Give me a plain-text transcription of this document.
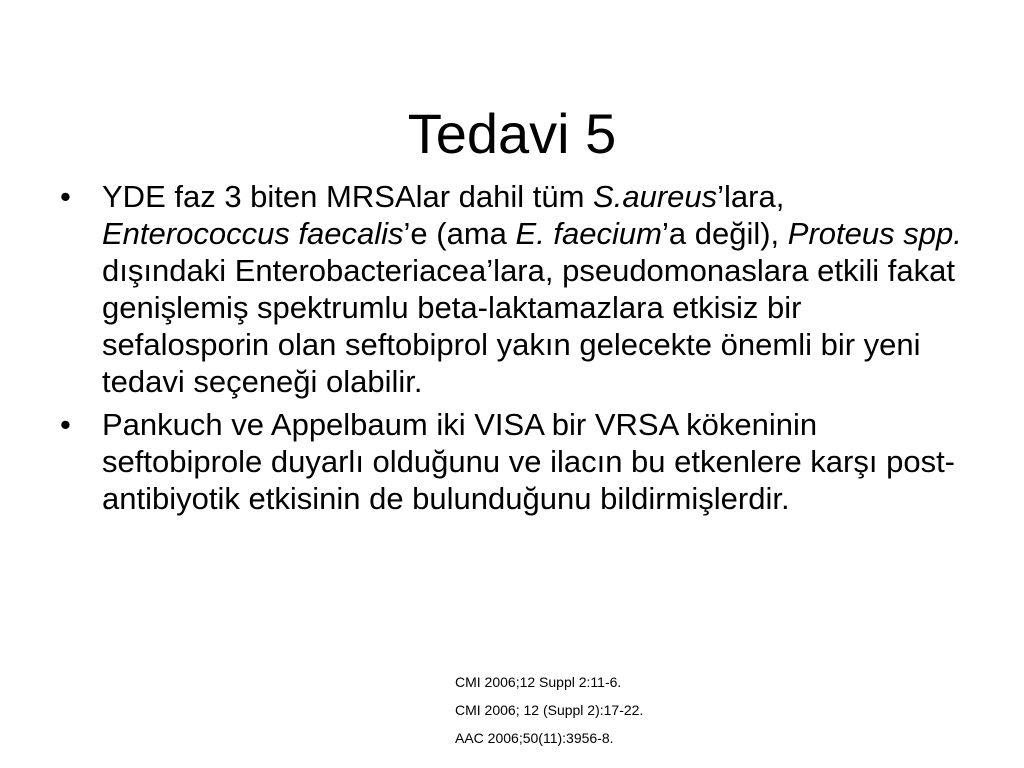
Tedavi 5
• YDE faz 3 biten MRSAlar dahil tüm S.aureus’lara, Enterococcus faecalis’e (ama E. faecium’a değil), Proteus spp. dışındaki Enterobacteriacea’lara, pseudomonaslara etkili fakat genişlemiş spektrumlu beta-laktamazlara etkisiz bir sefalosporin olan seftobiprol yakın gelecekte önemli bir yeni tedavi seçeneği olabilir.
• Pankuch ve Appelbaum iki VISA bir VRSA kökeninin seftobiprole duyarlı olduğunu ve ilacın bu etkenlere karşı post-antibiyotik etkisinin de bulunduğunu bildirmişlerdir.
CMI 2006;12 Suppl 2:11-6.
CMI 2006; 12 (Suppl 2):17-22.
AAC 2006;50(11):3956-8.
